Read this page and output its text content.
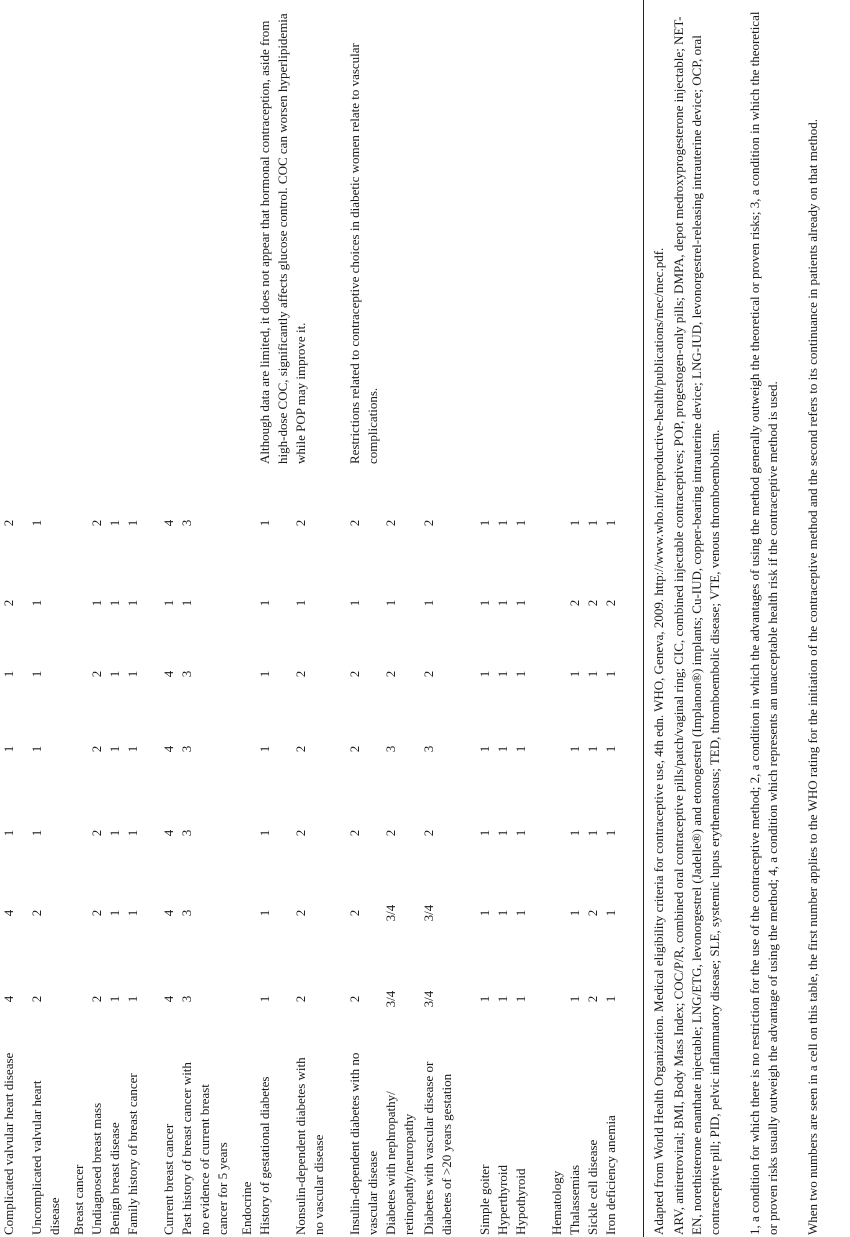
Complicated valvular heart disease
4
4
1
1
1
2
2
Uncomplicated valvular heart disease
2
2
1
1
1
1
1
Breast cancer Undiagnosed breast mass
2
2
2
2
2
1
2
Benign breast disease
1
1
1
1
1
1
1
Family history of breast cancer
1
1
1
1
1
1
1
Current breast cancer
4
4
4
4
4
1
4
Past history of breast cancer with no evidence of current breast cancer for 5 years
3
3
3
3
3
1
3
Endocrine History of gestational diabetes
1
1
1
1
1
1
1
Although data are limited, it does not appear that hormonal contraception, aside from high-dose COC, significantly affects glucose control. COC can worsen hyperlipidemia while POP may improve it.
Nonsulin-dependent diabetes with no vascular disease
2
2
2
2
2
1
2
Insulin-dependent diabetes with no vascular disease
2
2
2
2
2
1
2
Restrictions related to contraceptive choices in diabetic women relate to vascular complications.
Diabetes with nephropathy/ retinopathy/neuropathy
3/4
3/4
2
3
2
1
2
Diabetes with vascular disease or diabetes of >20 years gestation
3/4
3/4
2
3
2
1
2
Simple goiter
1
1
1
1
1
1
1
Hyperthyroid
1
1
1
1
1
1
1
Hypothyroid
1
1
1
1
1
1
1
Hematology Thalassemias
1
1
1
1
1
2
1
Sickle cell disease
2
2
1
1
1
2
1
Iron deficiency anemia
1
1
1
1
1
2
1	Adapted from World Health Organization. Medical eligibility criteria for contraceptive use, 4th edn. WHO, Geneva, 2009. http://www.who.int/reproductive-health/publications/mec/mec.pdf. ARV, antiretroviral; BMI, Body Mass Index; COC/P/R, combined oral contraceptive pills/patch/vaginal ring; CIC, combined injectable contraceptives; POP, progestogen-only pills; DMPA, depot medroxyprogesterone injectable; NET-EN, norethisterone enanthate injectable; LNG/ETG, levonorgestrel (Jadelle®) and etonogestrel (Implanon®) implants; Cu-IUD, copper-bearing intrauterine device; LNG-IUD, levonorgestrel-releasing intrauterine device; OCP, oral contraceptive pill; PID, pelvic inflammatory disease; SLE, systemic lupus erythematosus; TED, thromboembolic disease; VTE, venous thromboembolism. 1, a condition for which there is no restriction for the use of the contraceptive method; 2, a condition in which the advantages of using the method generally outweigh the theoretical or proven risks; 3, a condition in which the theoretical or proven risks usually outweigh the advantage of using the method; 4, a condition which represents an unacceptable health risk if the contraceptive method is used. When two numbers are seen in a cell on this table, the first number applies to the WHO rating for the initiation of the contraceptive method and the second refers to its continuance in patients already on that method.
